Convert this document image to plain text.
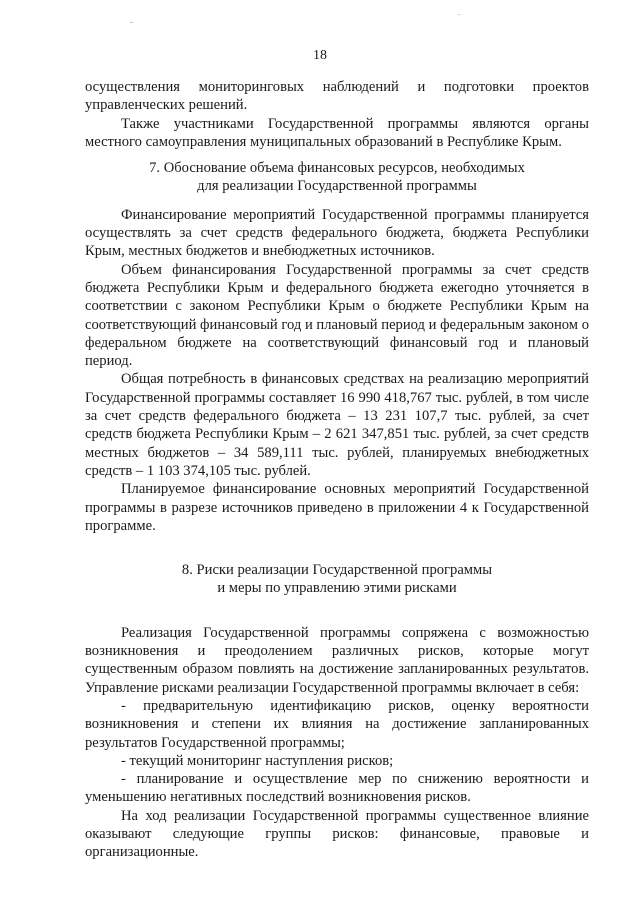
18

осуществления мониторинговых наблюдений и подготовки проектов управленческих решений.

Также участниками Государственной программы являются органы местного самоуправления муниципальных образований в Республике Крым.

7. Обоснование объема финансовых ресурсов, необходимых
для реализации Государственной программы

Финансирование мероприятий Государственной программы планируется осуществлять за счет средств федерального бюджета, бюджета Республики Крым, местных бюджетов и внебюджетных источников.

Объем финансирования Государственной программы за счет средств бюджета Республики Крым и федерального бюджета ежегодно уточняется в соответствии с законом Республики Крым о бюджете Республики Крым на соответствующий финансовый год и плановый период и федеральным законом о федеральном бюджете на соответствующий финансовый год и плановый период.

Общая потребность в финансовых средствах на реализацию мероприятий Государственной программы составляет 16 990 418,767 тыс. рублей, в том числе за счет средств федерального бюджета – 13 231 107,7 тыс. рублей, за счет средств бюджета Республики Крым – 2 621 347,851 тыс. рублей, за счет средств местных бюджетов – 34 589,111 тыс. рублей, планируемых внебюджетных средств – 1 103 374,105 тыс. рублей.

Планируемое финансирование основных мероприятий Государственной программы в разрезе источников приведено в приложении 4 к Государственной программе.

8. Риски реализации Государственной программы
и меры по управлению этими рисками

Реализация Государственной программы сопряжена с возможностью возникновения и преодолением различных рисков, которые могут существенным образом повлиять на достижение запланированных результатов. Управление рисками реализации Государственной программы включает в себя:

- предварительную идентификацию рисков, оценку вероятности возникновения и степени их влияния на достижение запланированных результатов Государственной программы;

- текущий мониторинг наступления рисков;

- планирование и осуществление мер по снижению вероятности и уменьшению негативных последствий возникновения рисков.

На ход реализации Государственной программы существенное влияние оказывают следующие группы рисков: финансовые, правовые и организационные.
